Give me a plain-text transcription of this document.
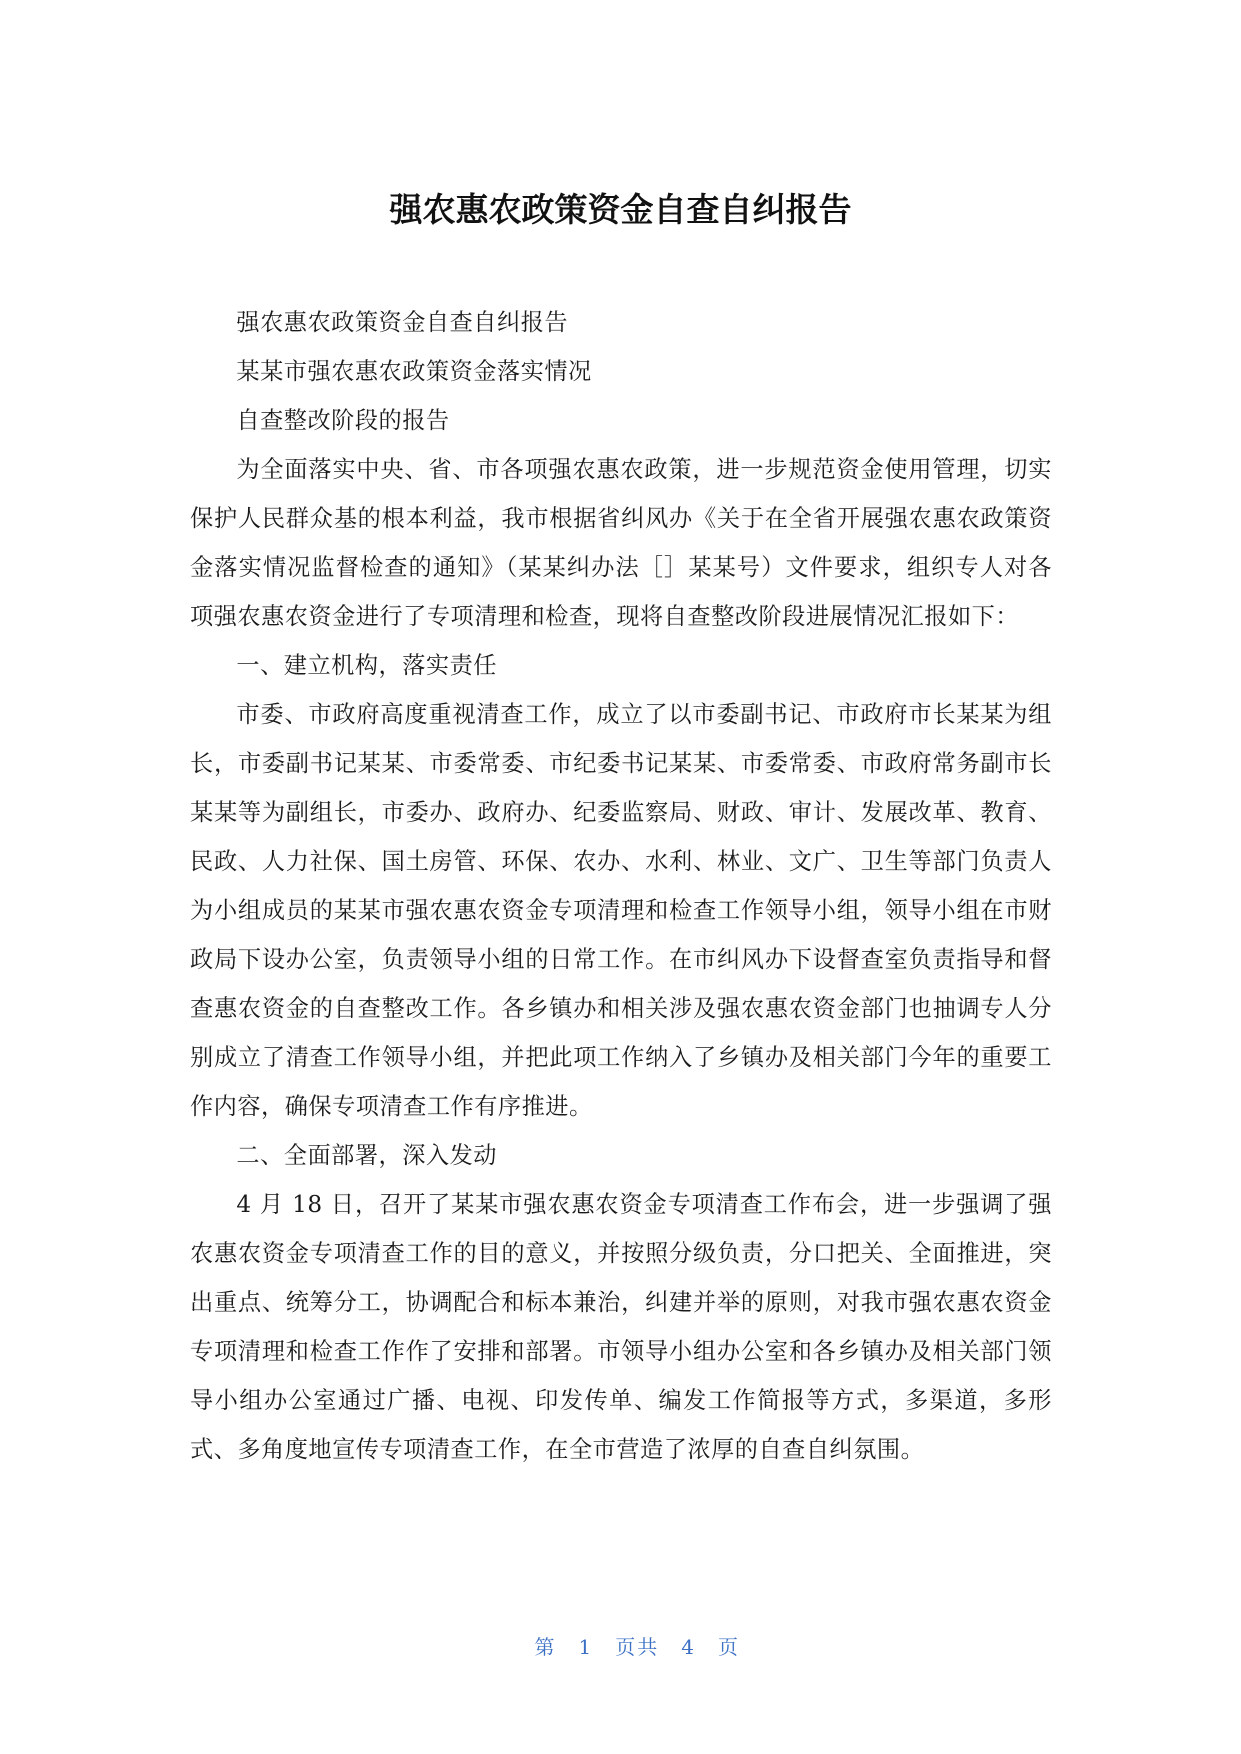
强农惠农政策资金自查自纠报告

强农惠农政策资金自查自纠报告

某某市强农惠农政策资金落实情况

自查整改阶段的报告

为全面落实中央、省、市各项强农惠农政策，进一步规范资金使用管理，切实保护人民群众基的根本利益，我市根据省纠风办《关于在全省开展强农惠农政策资金落实情况监督检查的通知》（某某纠办法［］某某号）文件要求，组织专人对各项强农惠农资金进行了专项清理和检查，现将自查整改阶段进展情况汇报如下：

一、建立机构，落实责任

市委、市政府高度重视清查工作，成立了以市委副书记、市政府市长某某为组长，市委副书记某某、市委常委、市纪委书记某某、市委常委、市政府常务副市长某某等为副组长，市委办、政府办、纪委监察局、财政、审计、发展改革、教育、民政、人力社保、国土房管、环保、农办、水利、林业、文广、卫生等部门负责人为小组成员的某某市强农惠农资金专项清理和检查工作领导小组，领导小组在市财政局下设办公室，负责领导小组的日常工作。在市纠风办下设督查室负责指导和督查惠农资金的自查整改工作。各乡镇办和相关涉及强农惠农资金部门也抽调专人分别成立了清查工作领导小组，并把此项工作纳入了乡镇办及相关部门今年的重要工作内容，确保专项清查工作有序推进。

二、全面部署，深入发动

4 月 18 日，召开了某某市强农惠农资金专项清查工作布会，进一步强调了强农惠农资金专项清查工作的目的意义，并按照分级负责，分口把关、全面推进，突出重点、统筹分工，协调配合和标本兼治，纠建并举的原则，对我市强农惠农资金专项清理和检查工作作了安排和部署。市领导小组办公室和各乡镇办及相关部门领导小组办公室通过广播、电视、印发传单、编发工作简报等方式，多渠道，多形式、多角度地宣传专项清查工作，在全市营造了浓厚的自查自纠氛围。

第 1 页共 4 页
